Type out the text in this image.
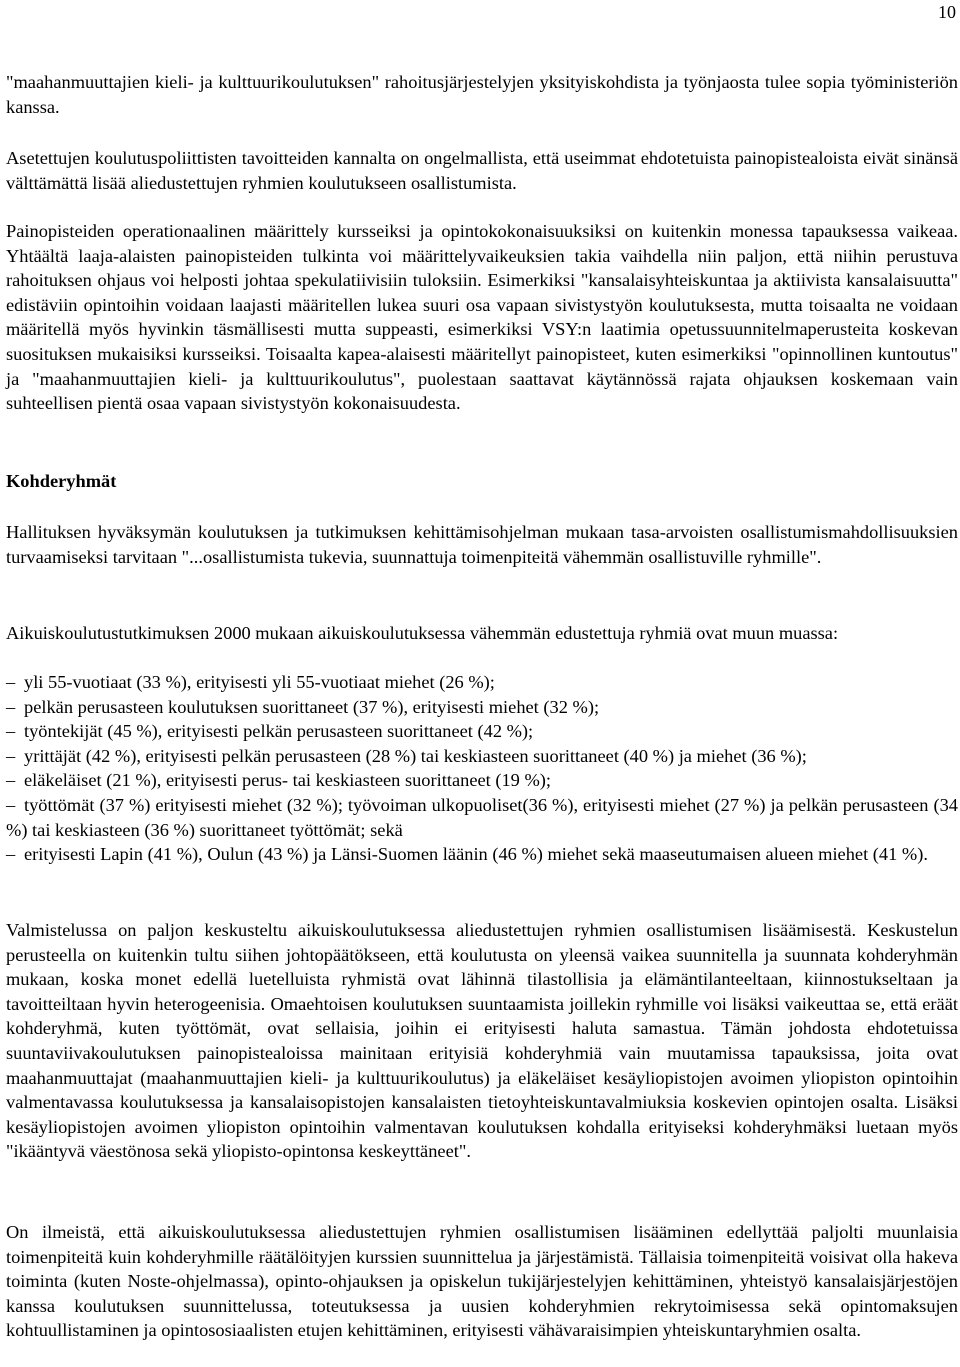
10

"maahanmuuttajien kieli- ja kulttuurikoulutuksen" rahoitusjärjestelyjen yksityiskohdista ja työnjaosta tulee sopia työministeriön kanssa.

Asetettujen koulutuspoliittisten tavoitteiden kannalta on ongelmallista, että useimmat ehdotetuista painopistealoista eivät sinänsä välttämättä lisää aliedustettujen ryhmien koulutukseen osallistumista.

Painopisteiden operationaalinen määrittely kursseiksi ja opintokokonaisuuksiksi on kuitenkin monessa tapauksessa vaikeaa. Yhtäältä laaja-alaisten painopisteiden tulkinta voi määrittelyvaikeuksien takia vaihdella niin paljon, että niihin perustuva rahoituksen ohjaus voi helposti johtaa spekulatiivisiin tuloksiin. Esimerkiksi "kansalaisyhteiskuntaa ja aktiivista kansalaisuutta" edistäviin opintoihin voidaan laajasti määritellen lukea suuri osa vapaan sivistystyön koulutuksesta, mutta toisaalta ne voidaan määritellä myös hyvinkin täsmällisesti mutta suppeasti, esimerkiksi VSY:n laatimia opetussuunnitelmaperusteita koskevan suosituksen mukaisiksi kursseiksi. Toisaalta kapea-alaisesti määritellyt painopisteet, kuten esimerkiksi "opinnollinen kuntoutus" ja "maahanmuuttajien kieli- ja kulttuurikoulutus", puolestaan saattavat käytännössä rajata ohjauksen koskemaan vain suhteellisen pientä osaa vapaan sivistystyön kokonaisuudesta.

Kohderyhmät

Hallituksen hyväksymän koulutuksen ja tutkimuksen kehittämisohjelman mukaan tasa-arvoisten osallistumismahdollisuuksien turvaamiseksi tarvitaan "...osallistumista tukevia, suunnattuja toimenpiteitä vähemmän osallistuville ryhmille".

Aikuiskoulutustutkimuksen 2000 mukaan aikuiskoulutuksessa vähemmän edustettuja ryhmiä ovat muun muassa:

– yli 55-vuotiaat (33 %), erityisesti yli 55-vuotiaat miehet (26 %);
– pelkän perusasteen koulutuksen suorittaneet (37 %), erityisesti miehet (32 %);
– työntekijät (45 %), erityisesti pelkän perusasteen suorittaneet (42 %);
– yrittäjät (42 %), erityisesti pelkän perusasteen (28 %) tai keskiasteen suorittaneet (40 %) ja miehet (36 %);
– eläkeläiset (21 %), erityisesti perus- tai keskiasteen suorittaneet (19 %);
– työttömät (37 %) erityisesti miehet (32 %); työvoiman ulkopuoliset(36 %), erityisesti miehet (27 %) ja pelkän perusasteen (34 %) tai keskiasteen (36 %) suorittaneet työttömät; sekä
– erityisesti Lapin (41 %), Oulun (43 %) ja Länsi-Suomen läänin (46 %) miehet sekä maaseutumaisen alueen miehet (41 %).

Valmistelussa on paljon keskusteltu aikuiskoulutuksessa aliedustettujen ryhmien osallistumisen lisäämisestä. Keskustelun perusteella on kuitenkin tultu siihen johtopäätökseen, että koulutusta on yleensä vaikea suunnitella ja suunnata kohderyhmän mukaan, koska monet edellä luetelluista ryhmistä ovat lähinnä tilastollisia ja elämäntilanteeltaan, kiinnostukseltaan ja tavoitteiltaan hyvin heterogeenisia. Omaehtoisen koulutuksen suuntaamista joillekin ryhmille voi lisäksi vaikeuttaa se, että eräät kohderyhmä, kuten työttömät, ovat sellaisia, joihin ei erityisesti haluta samastua. Tämän johdosta ehdotetuissa suuntaviivakoulutuksen painopistealoissa mainitaan erityisiä kohderyhmiä vain muutamissa tapauksissa, joita ovat maahanmuuttajat (maahanmuuttajien kieli- ja kulttuurikoulutus) ja eläkeläiset kesäyliopistojen avoimen yliopiston opintoihin valmentavassa koulutuksessa ja kansalaisopistojen kansalaisten tietoyhteiskuntavalmiuksia koskevien opintojen osalta. Lisäksi kesäyliopistojen avoimen yliopiston opintoihin valmentavan koulutuksen kohdalla erityiseksi kohderyhmäksi luetaan myös "ikääntyvä väestönosa sekä yliopisto-opintonsa keskeyttäneet".

On ilmeistä, että aikuiskoulutuksessa aliedustettujen ryhmien osallistumisen lisääminen edellyttää paljolti muunlaisia toimenpiteitä kuin kohderyhmille räätälöityjen kurssien suunnittelua ja järjestämistä. Tällaisia toimenpiteitä voisivat olla hakeva toiminta (kuten Noste-ohjelmassa), opinto-ohjauksen ja opiskelun tukijärjestelyjen kehittäminen, yhteistyö kansalaisjärjestöjen kanssa koulutuksen suunnittelussa, toteutuksessa ja uusien kohderyhmien rekrytoimisessa sekä opintomaksujen kohtuullistaminen ja opintososiaalisten etujen kehittäminen, erityisesti vähävaraisimpien yhteiskuntaryhmien osalta.
